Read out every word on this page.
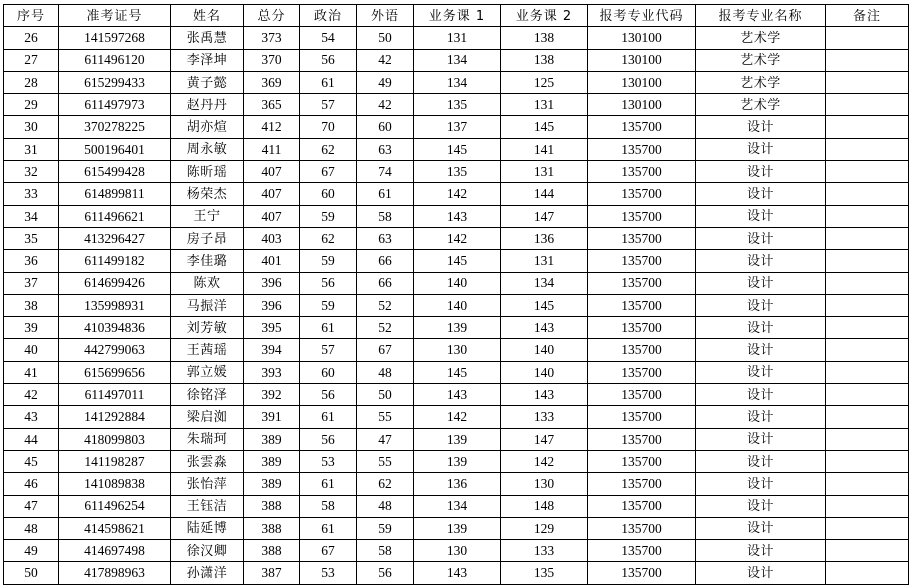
序号	准考证号	姓名	总分	政治	外语	业务课 1	业务课 2	报考专业代码	报考专业名称	备注
26	141597268	张禹慧	373	54	50	131	138	130100	艺术学	
27	611496120	李泽坤	370	56	42	134	138	130100	艺术学	
28	615299433	黄子懿	369	61	49	134	125	130100	艺术学	
29	611497973	赵丹丹	365	57	42	135	131	130100	艺术学	
30	370278225	胡亦煊	412	70	60	137	145	135700	设计	
31	500196401	周永敏	411	62	63	145	141	135700	设计	
32	615499428	陈昕瑶	407	67	74	135	131	135700	设计	
33	614899811	杨荣杰	407	60	61	142	144	135700	设计	
34	611496621	王宁	407	59	58	143	147	135700	设计	
35	413296427	房子昂	403	62	63	142	136	135700	设计	
36	611499182	李佳璐	401	59	66	145	131	135700	设计	
37	614699426	陈欢	396	56	66	140	134	135700	设计	
38	135998931	马振洋	396	59	52	140	145	135700	设计	
39	410394836	刘芳敏	395	61	52	139	143	135700	设计	
40	442799063	王茜瑶	394	57	67	130	140	135700	设计	
41	615699656	郭立媛	393	60	48	145	140	135700	设计	
42	611497011	徐铭泽	392	56	50	143	143	135700	设计	
43	141292884	梁启洳	391	61	55	142	133	135700	设计	
44	418099803	朱瑞珂	389	56	47	139	147	135700	设计	
45	141198287	张雲淼	389	53	55	139	142	135700	设计	
46	141089838	张怡萍	389	61	62	136	130	135700	设计	
47	611496254	王钰洁	388	58	48	134	148	135700	设计	
48	414598621	陆延博	388	61	59	139	129	135700	设计	
49	414697498	徐汉卿	388	67	58	130	133	135700	设计	
50	417898963	孙潇洋	387	53	56	143	135	135700	设计	
